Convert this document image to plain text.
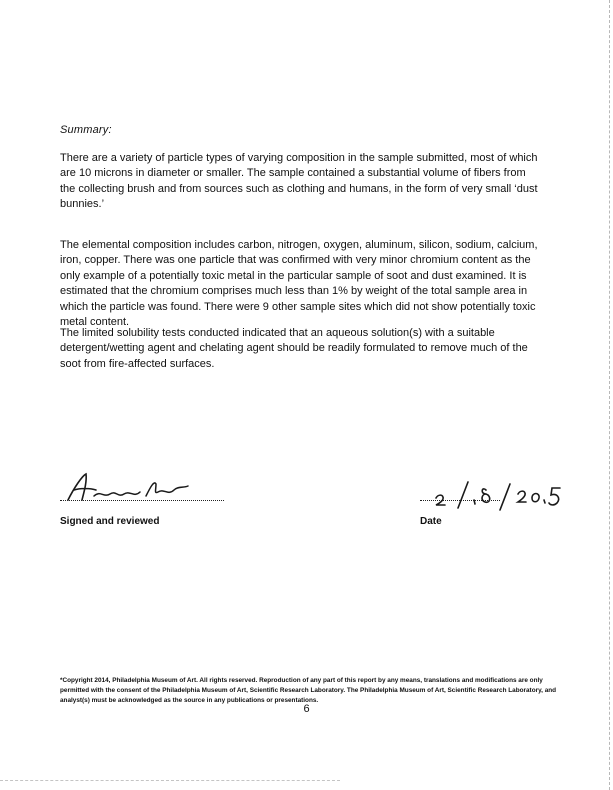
Summary:

There are a variety of particle types of varying composition in the sample submitted, most of which are 10 microns in diameter or smaller. The sample contained a substantial volume of fibers from the collecting brush and from sources such as clothing and humans, in the form of very small ‘dust bunnies.’

The elemental composition includes carbon, nitrogen, oxygen, aluminum, silicon, sodium, calcium, iron, copper. There was one particle that was confirmed with very minor chromium content as the only example of a potentially toxic metal in the particular sample of soot and dust examined. It is estimated that the chromium comprises much less than 1% by weight of the total sample area in which the particle was found. There were 9 other sample sites which did not show potentially toxic metal content.

The limited solubility tests conducted indicated that an aqueous solution(s) with a suitable detergent/wetting agent and chelating agent should be readily formulated to remove much of the soot from fire-affected surfaces.

Signed and reviewed	Date
*Copyright 2014, Philadelphia Museum of Art. All rights reserved. Reproduction of any part of this report by any means, translations and modifications are only permitted with the consent of the Philadelphia Museum of Art, Scientific Research Laboratory. The Philadelphia Museum of Art, Scientific Research Laboratory, and analyst(s) must be acknowledged as the source in any publications or presentations.
6
